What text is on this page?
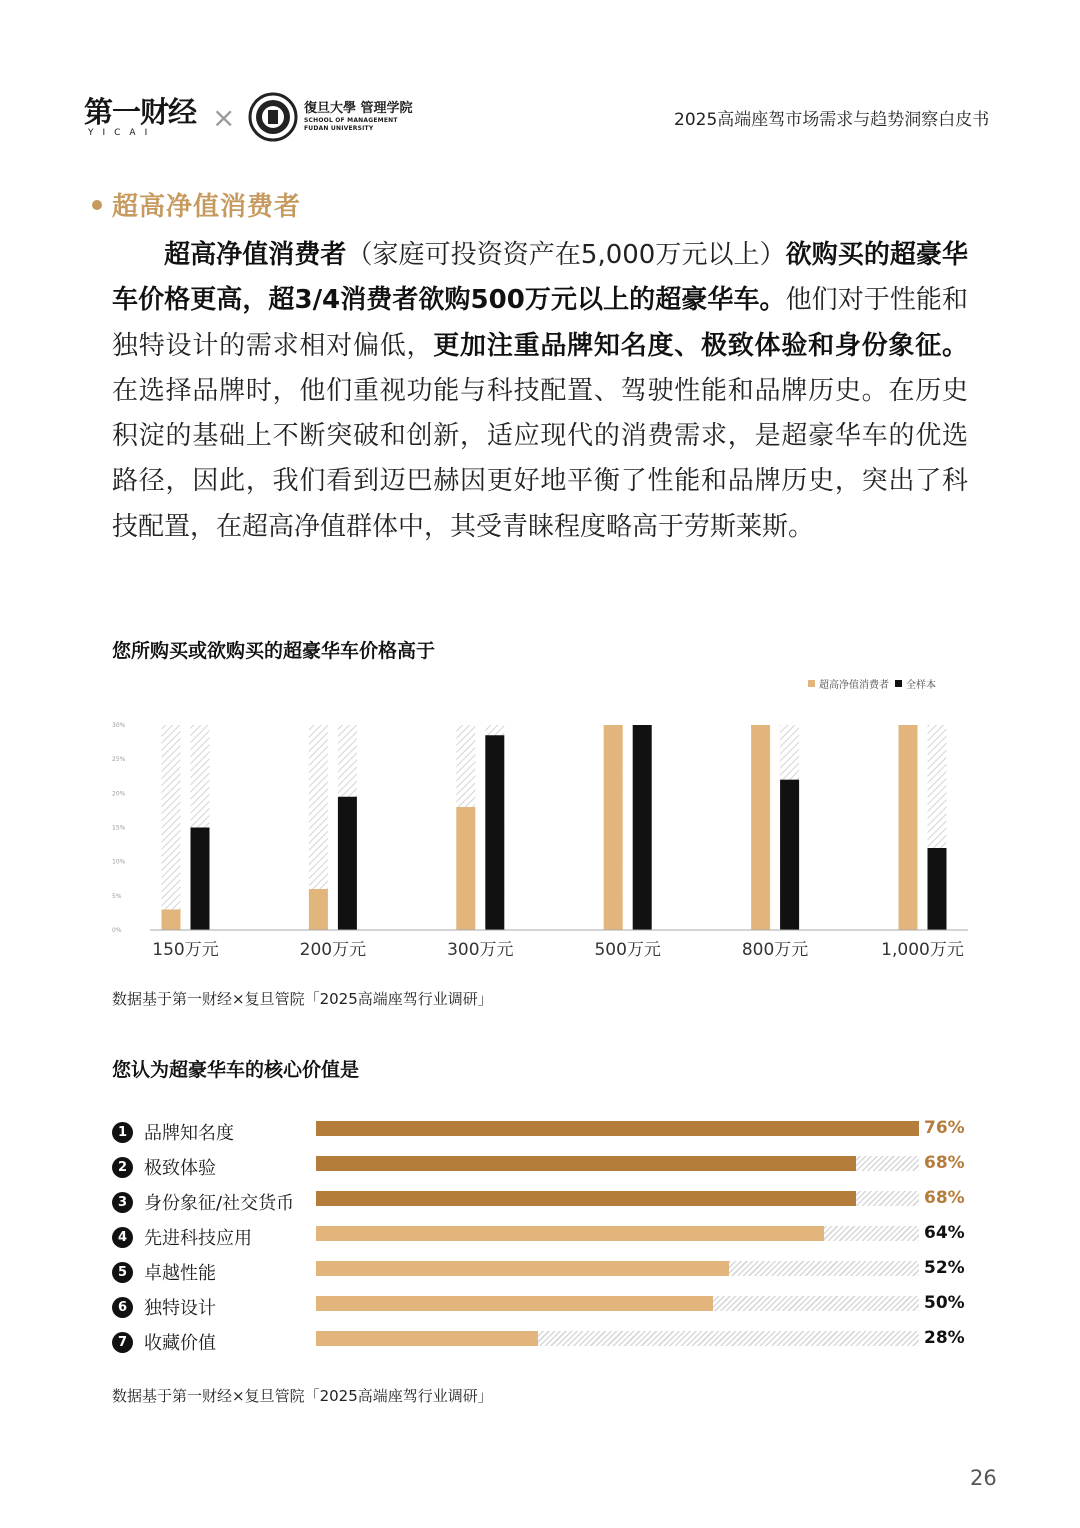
第一财经
YICAI	×	復旦大學 管理学院
SCHOOL OF MANAGEMENT
FUDAN UNIVERSITY	2025高端座驾市场需求与趋势洞察白皮书
超高净值消费者
超高净值消费者（家庭可投资资产在5,000万元以上）欲购买的超豪华车价格更高，超3/4消费者欲购500万元以上的超豪华车。他们对于性能和独特设计的需求相对偏低，更加注重品牌知名度、极致体验和身份象征。在选择品牌时，他们重视功能与科技配置、驾驶性能和品牌历史。在历史积淀的基础上不断突破和创新，适应现代的消费需求，是超豪华车的优选路径，因此，我们看到迈巴赫因更好地平衡了性能和品牌历史，突出了科技配置，在超高净值群体中，其受青睐程度略高于劳斯莱斯。
您所购买或欲购买的超豪华车价格高于
超高净值消费者 全样本
0%
5%
10%
15%
20%
25%
30%
150万元	200万元	300万元	500万元	800万元	1,000万元
数据基于第一财经×复旦管院「2025高端座驾行业调研」
您认为超豪华车的核心价值是
1 品牌知名度	76%
2 极致体验	68%
3 身份象征/社交货币	68%
4 先进科技应用	64%
5 卓越性能	52%
6 独特设计	50%
7 收藏价值	28%
数据基于第一财经×复旦管院「2025高端座驾行业调研」
26
